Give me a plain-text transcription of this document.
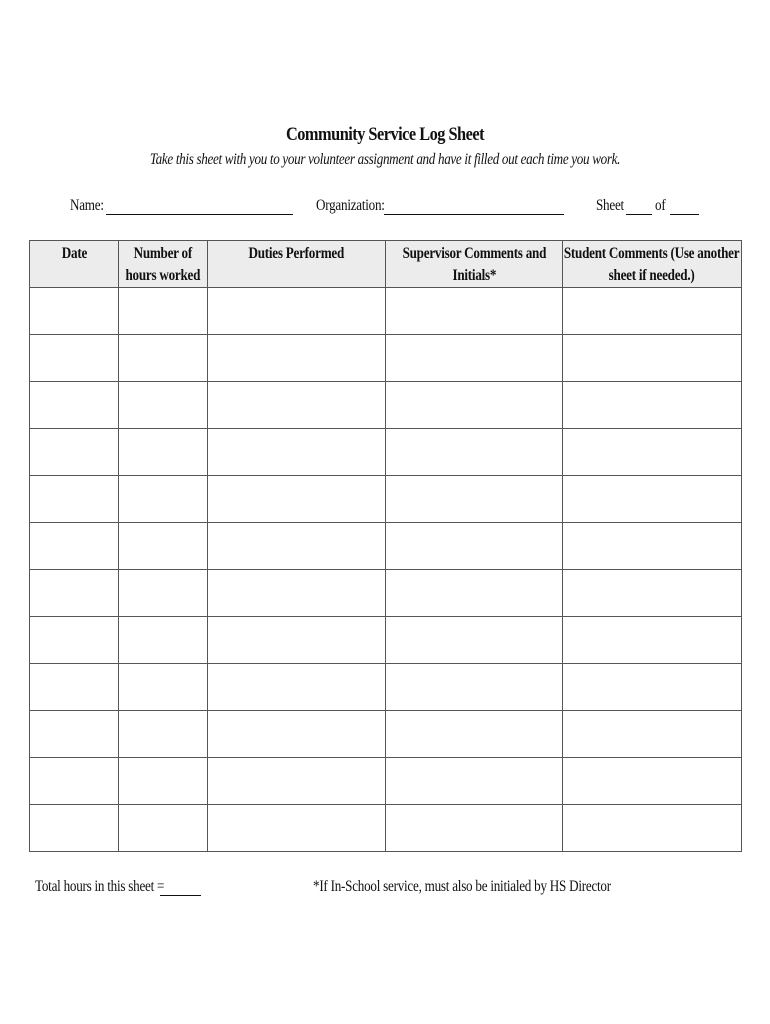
Community Service Log Sheet
Take this sheet with you to your volunteer assignment and have it filled out each time you work.
Name:	Organization:	Sheet of
Date	Number of hours worked	Duties Performed	Supervisor Comments and Initials*	Student Comments (Use another sheet if needed.)

Total hours in this sheet =	*If In-School service, must also be initialed by HS Director
